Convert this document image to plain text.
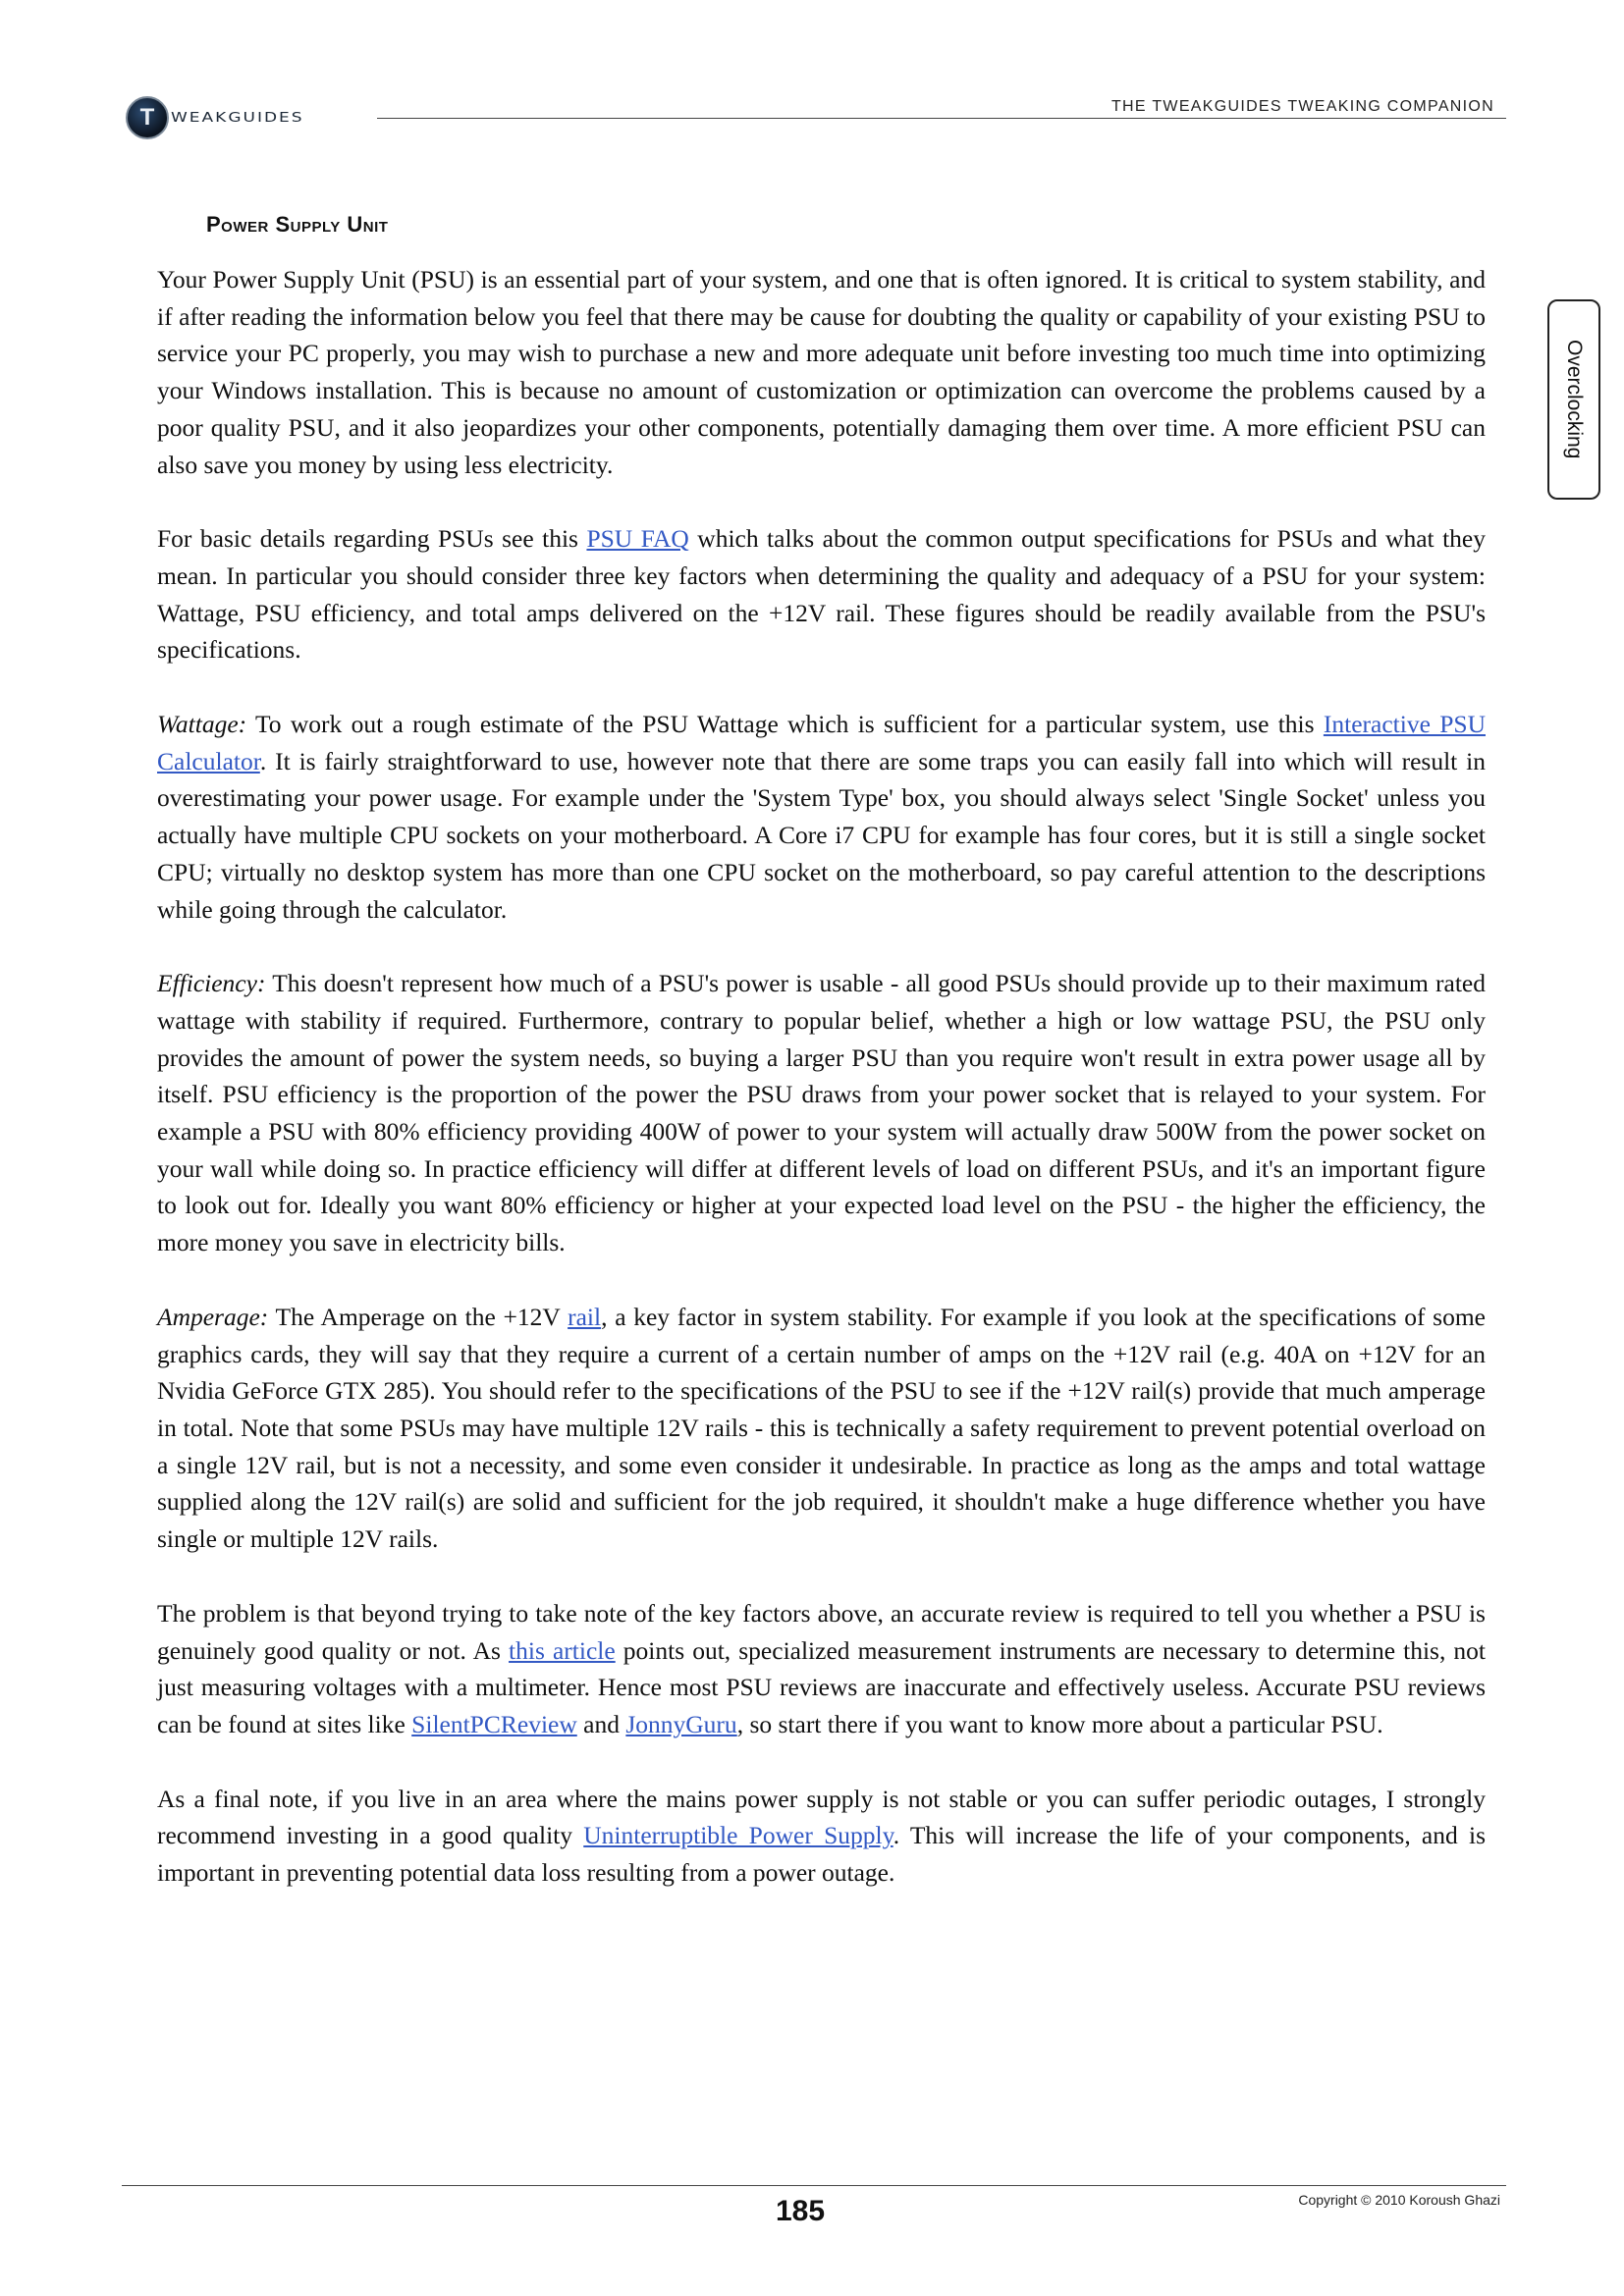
T WEAKGUIDES
THE TWEAKGUIDES TWEAKING COMPANION
Overclocking
Power Supply Unit

Your Power Supply Unit (PSU) is an essential part of your system, and one that is often ignored. It is critical to system stability, and if after reading the information below you feel that there may be cause for doubting the quality or capability of your existing PSU to service your PC properly, you may wish to purchase a new and more adequate unit before investing too much time into optimizing your Windows installation. This is because no amount of customization or optimization can overcome the problems caused by a poor quality PSU, and it also jeopardizes your other components, potentially damaging them over time. A more efficient PSU can also save you money by using less electricity.

For basic details regarding PSUs see this PSU FAQ which talks about the common output specifications for PSUs and what they mean. In particular you should consider three key factors when determining the quality and adequacy of a PSU for your system: Wattage, PSU efficiency, and total amps delivered on the +12V rail. These figures should be readily available from the PSU's specifications.

Wattage: To work out a rough estimate of the PSU Wattage which is sufficient for a particular system, use this Interactive PSU Calculator. It is fairly straightforward to use, however note that there are some traps you can easily fall into which will result in overestimating your power usage. For example under the 'System Type' box, you should always select 'Single Socket' unless you actually have multiple CPU sockets on your motherboard. A Core i7 CPU for example has four cores, but it is still a single socket CPU; virtually no desktop system has more than one CPU socket on the motherboard, so pay careful attention to the descriptions while going through the calculator.

Efficiency: This doesn't represent how much of a PSU's power is usable - all good PSUs should provide up to their maximum rated wattage with stability if required. Furthermore, contrary to popular belief, whether a high or low wattage PSU, the PSU only provides the amount of power the system needs, so buying a larger PSU than you require won't result in extra power usage all by itself. PSU efficiency is the proportion of the power the PSU draws from your power socket that is relayed to your system. For example a PSU with 80% efficiency providing 400W of power to your system will actually draw 500W from the power socket on your wall while doing so. In practice efficiency will differ at different levels of load on different PSUs, and it's an important figure to look out for. Ideally you want 80% efficiency or higher at your expected load level on the PSU - the higher the efficiency, the more money you save in electricity bills.

Amperage: The Amperage on the +12V rail, a key factor in system stability. For example if you look at the specifications of some graphics cards, they will say that they require a current of a certain number of amps on the +12V rail (e.g. 40A on +12V for an Nvidia GeForce GTX 285). You should refer to the specifications of the PSU to see if the +12V rail(s) provide that much amperage in total. Note that some PSUs may have multiple 12V rails - this is technically a safety requirement to prevent potential overload on a single 12V rail, but is not a necessity, and some even consider it undesirable. In practice as long as the amps and total wattage supplied along the 12V rail(s) are solid and sufficient for the job required, it shouldn't make a huge difference whether you have single or multiple 12V rails.

The problem is that beyond trying to take note of the key factors above, an accurate review is required to tell you whether a PSU is genuinely good quality or not. As this article points out, specialized measurement instruments are necessary to determine this, not just measuring voltages with a multimeter. Hence most PSU reviews are inaccurate and effectively useless. Accurate PSU reviews can be found at sites like SilentPCReview and JonnyGuru, so start there if you want to know more about a particular PSU.

As a final note, if you live in an area where the mains power supply is not stable or you can suffer periodic outages, I strongly recommend investing in a good quality Uninterruptible Power Supply. This will increase the life of your components, and is important in preventing potential data loss resulting from a power outage.

185	Copyright © 2010 Koroush Ghazi
